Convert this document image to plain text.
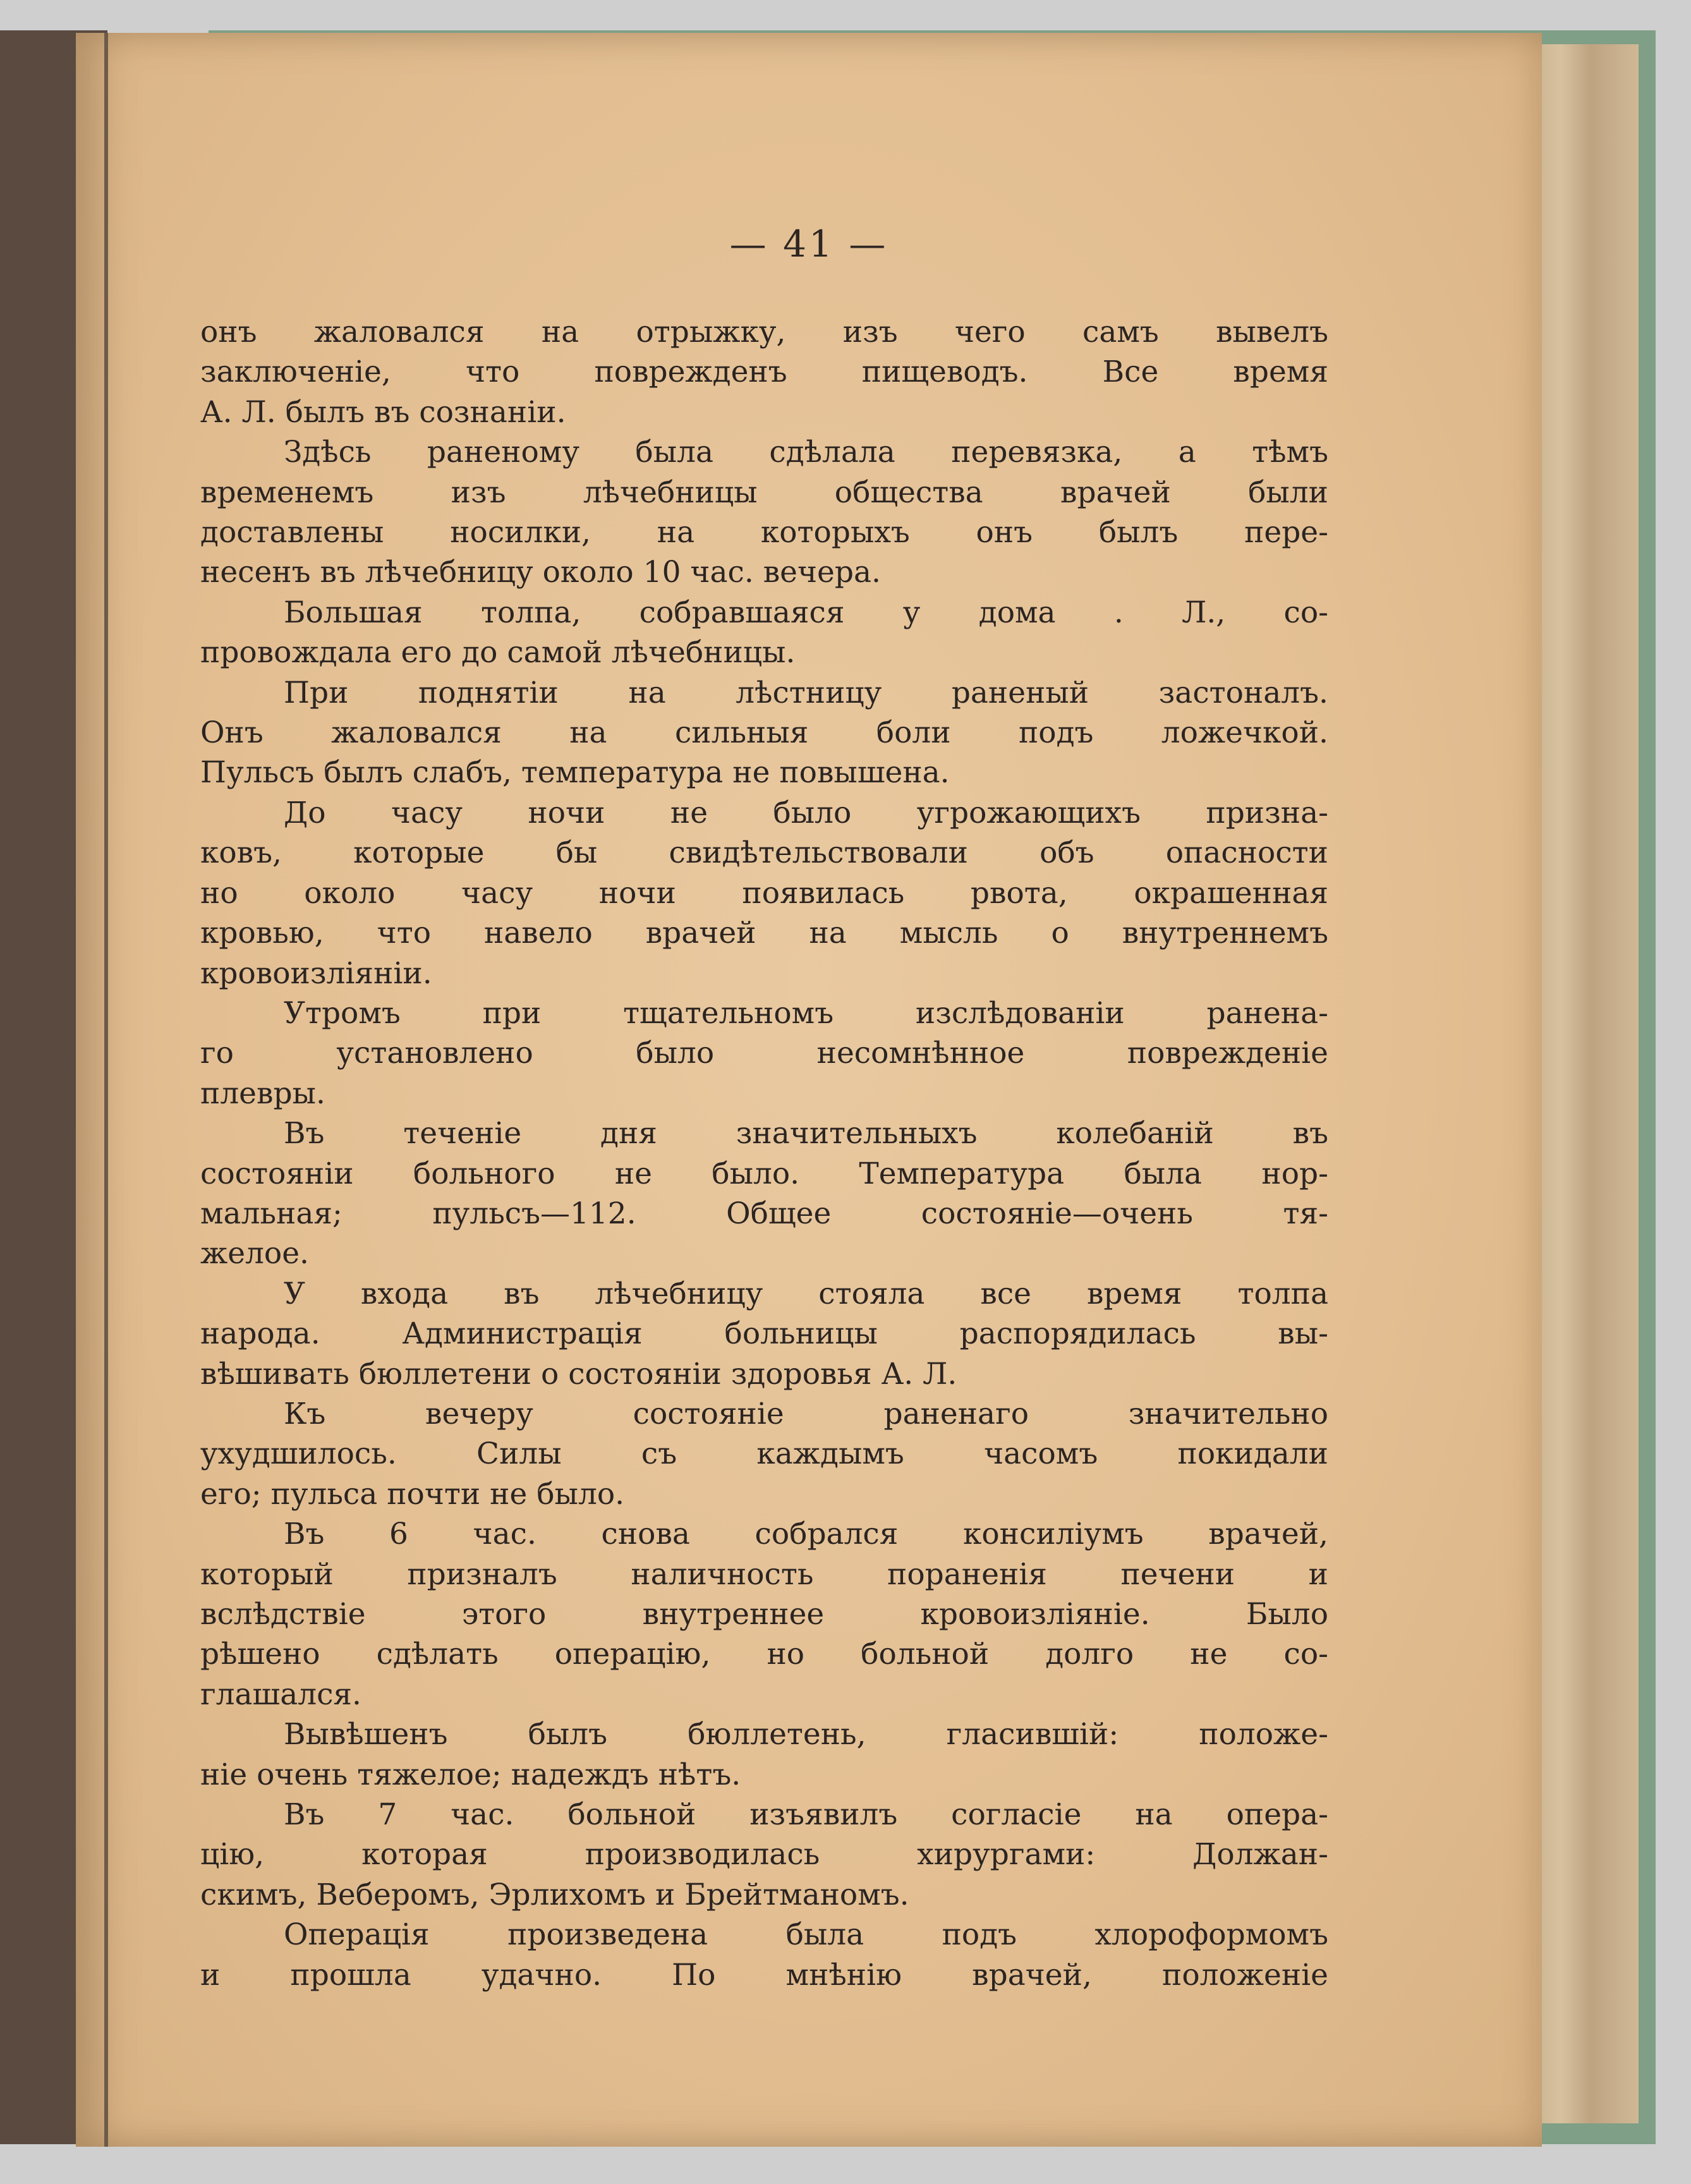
— 41 —
онъ жаловался на отрыжку, изъ чего самъ вывелъ
заключеніе, что поврежденъ пищеводъ. Все время
А. Л. былъ въ сознаніи.
Здѣсь раненому была сдѣлала перевязка, а тѣмъ
временемъ изъ лѣчебницы общества врачей были
доставлены носилки, на которыхъ онъ былъ пере-
несенъ въ лѣчебницу около 10 час. вечера.
Большая толпа, собравшаяся у дома . Л., со-
провождала его до самой лѣчебницы.
При поднятіи на лѣстницу раненый застоналъ.
Онъ жаловался на сильныя боли подъ ложечкой.
Пульсъ былъ слабъ, температура не повышена.
До часу ночи не было угрожающихъ призна-
ковъ, которые бы свидѣтельствовали объ опасности
но около часу ночи появилась рвота, окрашенная
кровью, что навело врачей на мысль о внутреннемъ
кровоизліяніи.
Утромъ при тщательномъ изслѣдованіи ранена-
го установлено было несомнѣнное поврежденіе
плевры.
Въ теченіе дня значительныхъ колебаній въ
состояніи больного не было. Температура была нор-
мальная; пульсъ—112. Общее состояніе—очень тя-
желое.
У входа въ лѣчебницу стояла все время толпа
народа. Администрація больницы распорядилась вы-
вѣшивать бюллетени о состояніи здоровья А. Л.
Къ вечеру состояніе раненаго значительно
ухудшилось. Силы съ каждымъ часомъ покидали
его; пульса почти не было.
Въ 6 час. снова собрался консиліумъ врачей,
который призналъ наличность пораненія печени и
вслѣдствіе этого внутреннее кровоизліяніе. Было
рѣшено сдѣлать операцію, но больной долго не со-
глашался.
Вывѣшенъ былъ бюллетень, гласившій: положе-
ніе очень тяжелое; надеждъ нѣтъ.
Въ 7 час. больной изъявилъ согласіе на опера-
цію, которая производилась хирургами: Должан-
скимъ, Веберомъ, Эрлихомъ и Брейтманомъ.
Операція произведена была подъ хлороформомъ
и прошла удачно. По мнѣнію врачей, положеніе
